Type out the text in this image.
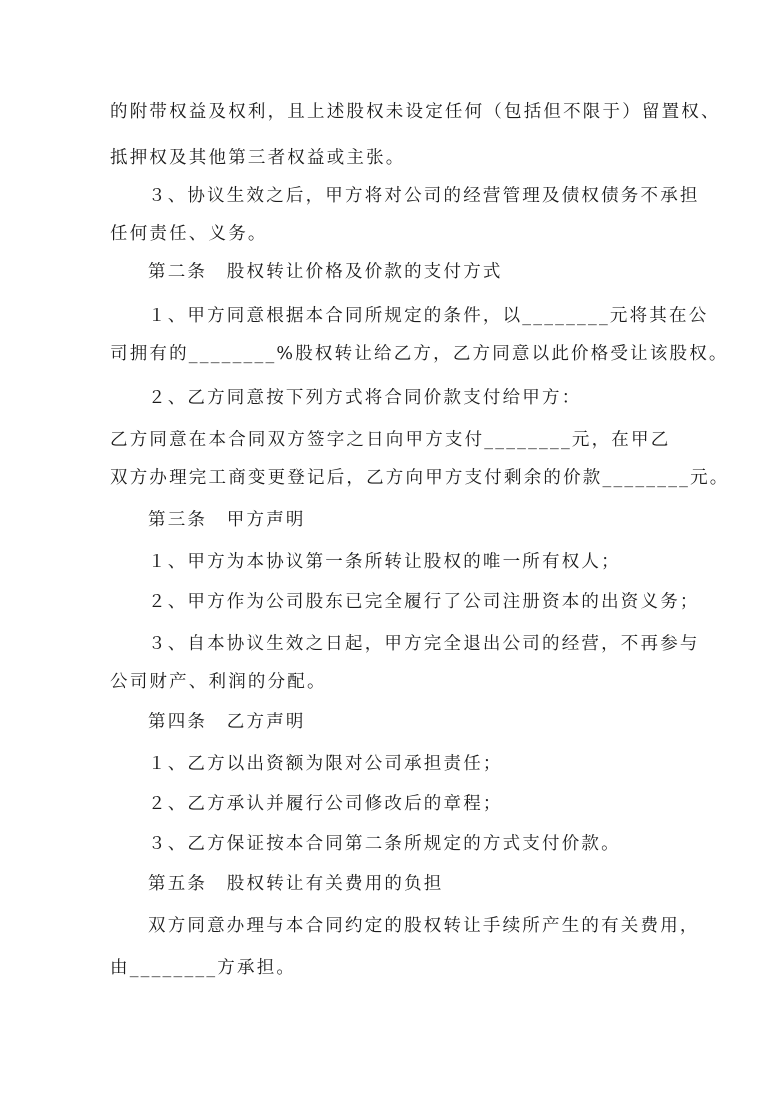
的附带权益及权利，且上述股权未设定任何（包括但不限于）留置权、
抵押权及其他第三者权益或主张。
３、协议生效之后，甲方将对公司的经营管理及债权债务不承担
任何责任、义务。
第二条　股权转让价格及价款的支付方式
１、甲方同意根据本合同所规定的条件，以________元将其在公
司拥有的________%股权转让给乙方，乙方同意以此价格受让该股权。
２、乙方同意按下列方式将合同价款支付给甲方：
乙方同意在本合同双方签字之日向甲方支付________元，在甲乙
双方办理完工商变更登记后，乙方向甲方支付剩余的价款________元。
第三条　甲方声明
１、甲方为本协议第一条所转让股权的唯一所有权人；
２、甲方作为公司股东已完全履行了公司注册资本的出资义务；
３、自本协议生效之日起，甲方完全退出公司的经营，不再参与
公司财产、利润的分配。
第四条　乙方声明
１、乙方以出资额为限对公司承担责任；
２、乙方承认并履行公司修改后的章程；
３、乙方保证按本合同第二条所规定的方式支付价款。
第五条　股权转让有关费用的负担
双方同意办理与本合同约定的股权转让手续所产生的有关费用，
由________方承担。
